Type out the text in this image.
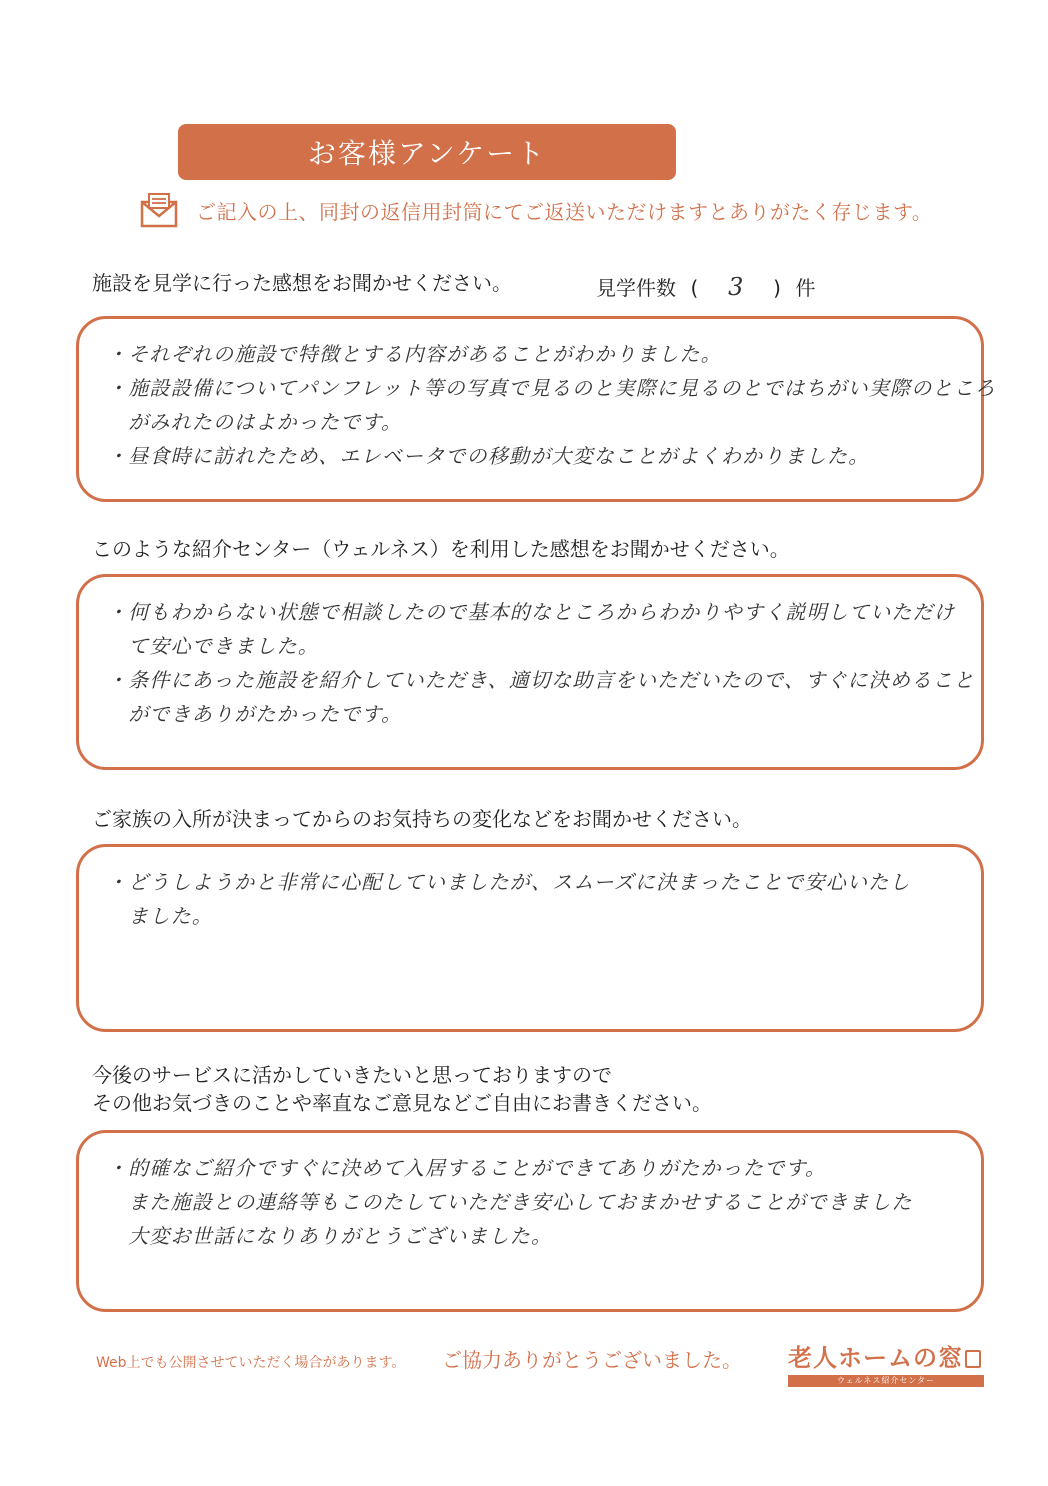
お客様アンケート
ご記入の上、同封の返信用封筒にてご返送いただけますとありがたく存じます。
施設を見学に行った感想をお聞かせください。	見学件数 ( 3 ) 件
・それぞれの施設で特徴とする内容があることがわかりました。
・施設設備についてパンフレット等の写真で見るのと実際に見るのとではちがい実際のところ
　がみれたのはよかったです。
・昼食時に訪れたため、エレベータでの移動が大変なことがよくわかりました。
このような紹介センター（ウェルネス）を利用した感想をお聞かせください。
・何もわからない状態で相談したので基本的なところからわかりやすく説明していただけ
　て安心できました。
・条件にあった施設を紹介していただき、適切な助言をいただいたので、すぐに決めること
　ができありがたかったです。
ご家族の入所が決まってからのお気持ちの変化などをお聞かせください。
・どうしようかと非常に心配していましたが、スムーズに決まったことで安心いたし
　ました。
今後のサービスに活かしていきたいと思っておりますので
その他お気づきのことや率直なご意見などご自由にお書きください。
・的確なご紹介ですぐに決めて入居することができてありがたかったです。
　また施設との連絡等もこのたしていただき安心しておまかせすることができました
　大変お世話になりありがとうございました。
Web上でも公開させていただく場合があります。 ご協力ありがとうございました。 老人ホームの窓
ウェルネス紹介センター
